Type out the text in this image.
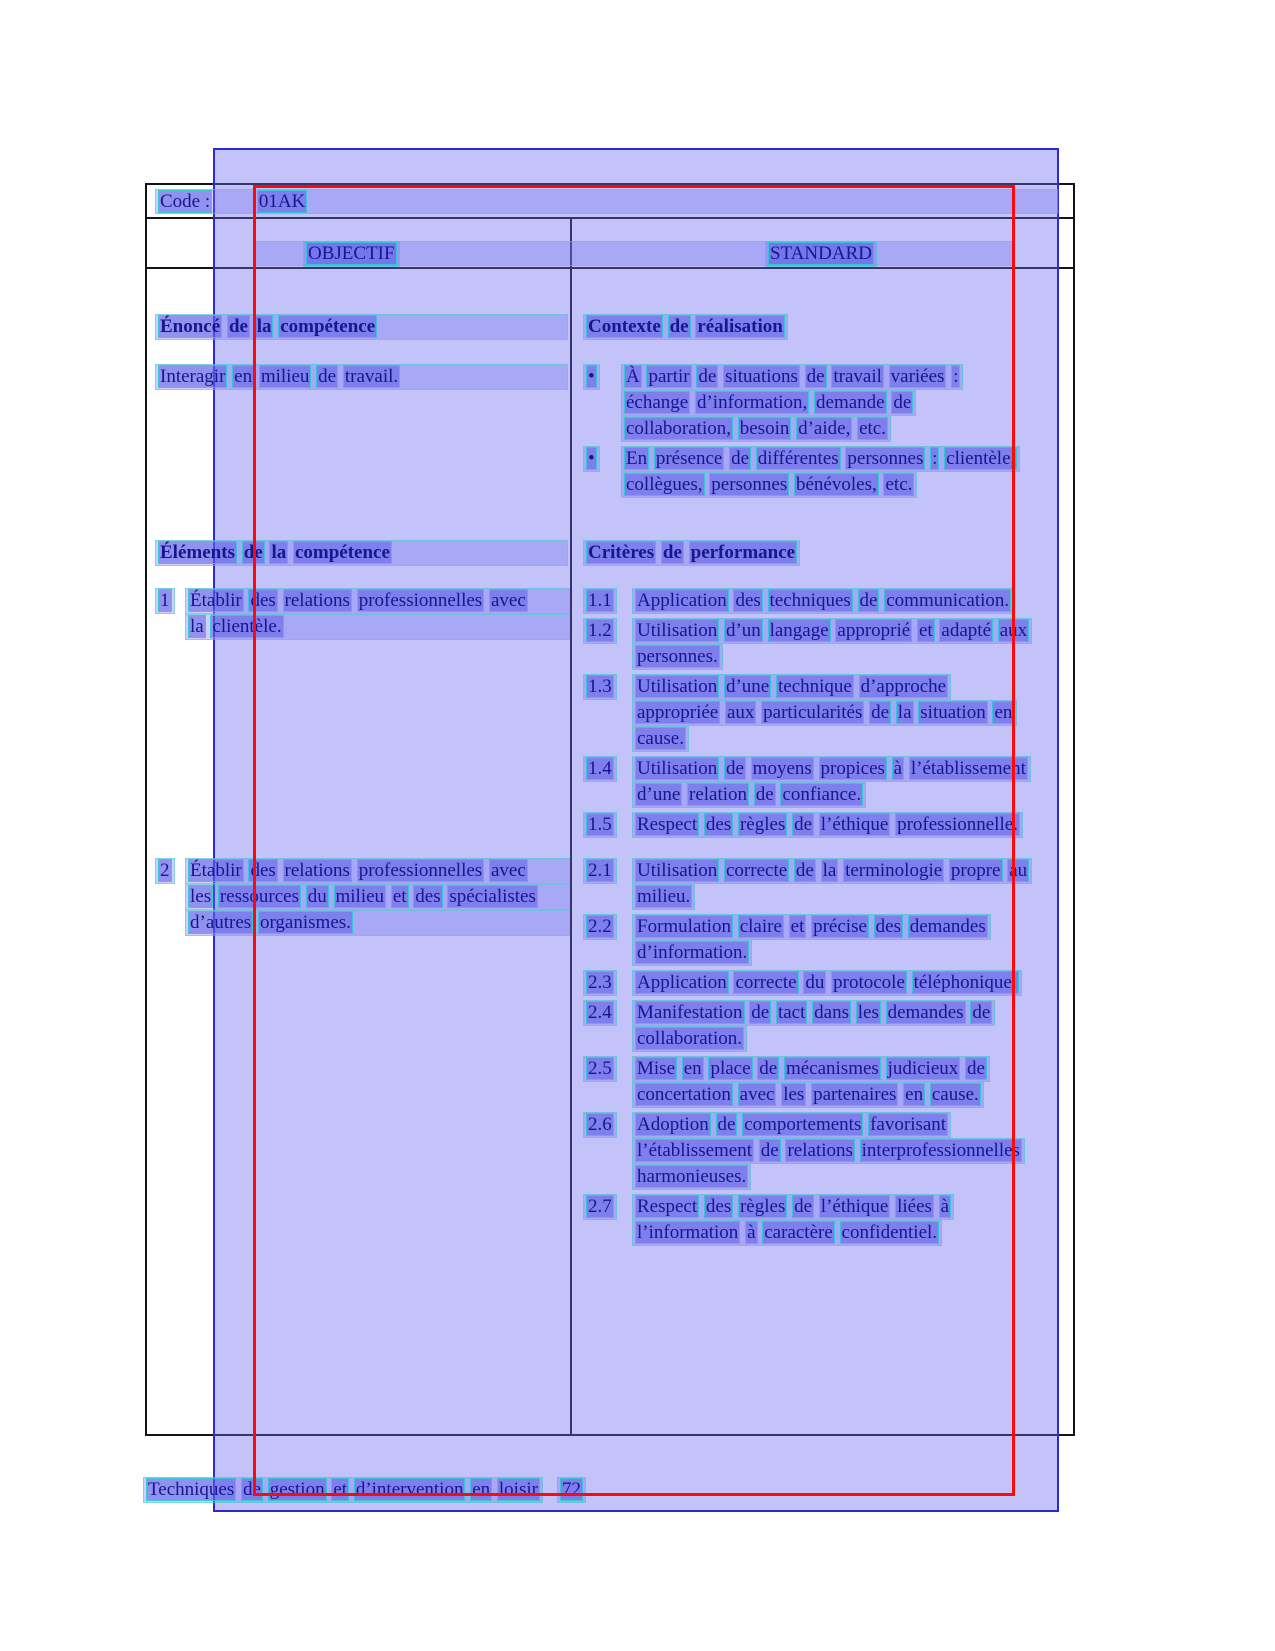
Code :	01AK
OBJECTIF	STANDARD
Énoncé de la compétence
Interagir en milieu de travail.
Éléments de la compétence
1 Établir des relations professionnelles avec
la clientèle.
2 Établir des relations professionnelles avec
les ressources du milieu et des spécialistes
d’autres organismes.
Contexte de réalisation
• À partir de situations de travail variées :
échange d’information, demande de
collaboration, besoin d’aide, etc.
• En présence de différentes personnes : clientèle,
collègues, personnes bénévoles, etc.
Critères de performance
1.1 Application des techniques de communication.
1.2 Utilisation d’un langage approprié et adapté aux
personnes.
1.3 Utilisation d’une technique d’approche
appropriée aux particularités de la situation en
cause.
1.4 Utilisation de moyens propices à l’établissement
d’une relation de confiance.
1.5 Respect des règles de l’éthique professionnelle.
2.1 Utilisation correcte de la terminologie propre au
milieu.
2.2 Formulation claire et précise des demandes
d’information.
2.3 Application correcte du protocole téléphonique.
2.4 Manifestation de tact dans les demandes de
collaboration.
2.5 Mise en place de mécanismes judicieux de
concertation avec les partenaires en cause.
2.6 Adoption de comportements favorisant
l’établissement de relations interprofessionnelles
harmonieuses.
2.7 Respect des règles de l’éthique liées à
l’information à caractère confidentiel.
Techniques de gestion et d’intervention en loisir 72
